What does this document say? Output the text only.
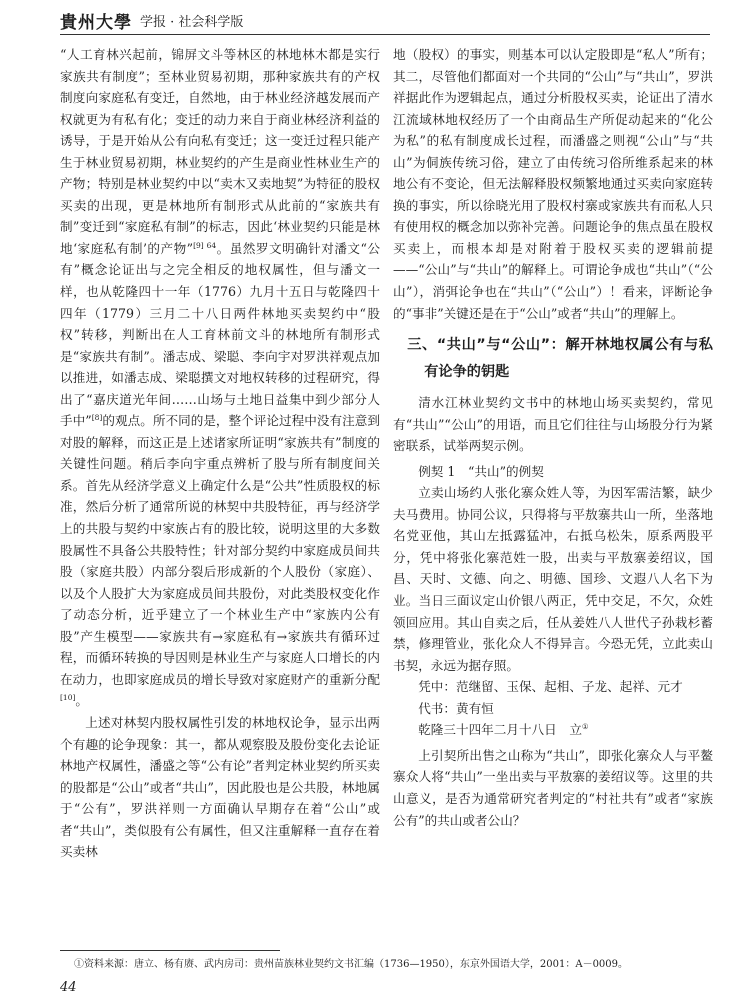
貴州大學 学报 · 社会科学版

“人工育林兴起前，锦屏文斗等林区的林地林木都是实行家族共有制度”；至林业贸易初期，那种家族共有的产权制度向家庭私有变迁，自然地，由于林业经济越发展而产权就更为有私有化；变迁的动力来自于商业林经济利益的诱导，于是开始从公有向私有变迁；这一变迁过程只能产生于林业贸易初期，林业契约的产生是商业性林业生产的产物；特别是林业契约中以“卖木又卖地契”为特征的股权买卖的出现，更是林地所有制形式从此前的“家族共有制”变迁到“家庭私有制”的标志，因此‘林业契约只能是林地‘家庭私有制’的产物”$^{[9] 64}$。虽然罗文明确针对潘文“公有”概念论证出与之完全相反的地权属性，但与潘文一样，也从乾隆四十一年（1776）九月十五日与乾隆四十四年（1779）三月二十八日两件林地买卖契约中“股权”转移，判断出在人工育林前文斗的林地所有制形式是“家族共有制”。潘志成、梁聪、李向宇对罗洪祥观点加以推进，如潘志成、梁聪撰文对地权转移的过程研究，得出了“嘉庆道光年间……山场与土地日益集中到少部分人手中”[8]的观点。所不同的是，整个评论过程中没有注意到对股的解释，而这正是上述诸家所证明“家族共有”制度的关键性问题。稍后李向宇重点辨析了股与所有制度间关系。首先从经济学意义上确定什么是“公共”性质股权的标准，然后分析了通常所说的林契中共股特征，再与经济学上的共股与契约中家族占有的股比较，说明这里的大多数股属性不具备公共股特性；针对部分契约中家庭成员间共股（家庭共股）内部分裂后形成新的个人股份（家庭）、以及个人股扩大为家庭成员间共股份，对此类股权变化作了动态分析，近乎建立了一个林业生产中“家族内公有股”产生模型——家族共有→家庭私有→家族共有循环过程，而循环转换的导因则是林业生产与家庭人口增长的内在动力，也即家庭成员的增长导致对家庭财产的重新分配[10]。

上述对林契内股权属性引发的林地权论争，显示出两个有趣的论争现象：其一，都从观察股及股份变化去论证林地产权属性，潘盛之等“公有论”者判定林业契约所买卖的股都是“公山”或者“共山”，因此股也是公共股，林地属于“公有”，罗洪祥则一方面确认早期存在着“公山”或者“共山”，类似股有公有属性，但又注重解释一直存在着买卖林

地（股权）的事实，则基本可以认定股即是“私人”所有；其二，尽管他们都面对一个共同的“公山”与“共山”，罗洪祥据此作为逻辑起点，通过分析股权买卖，论证出了清水江流域林地权经历了一个由商品生产所促动起来的“化公为私”的私有制度成长过程，而潘盛之则视“公山”与“共山”为侗族传统习俗，建立了由传统习俗所维系起来的林地公有不变论，但无法解释股权频繁地通过买卖向家庭转换的事实，所以徐晓光用了股权村寨或家族共有而私人只有使用权的概念加以弥补完善。问题论争的焦点虽在股权买卖上，而根本却是对附着于股权买卖的逻辑前提——“公山”与“共山”的解释上。可谓论争成也“共山”（“公山”），消弭论争也在“共山”（“公山”）！看来，评断论争的“事非”关键还是在于“公山”或者“共山”的理解上。

三、“共山”与“公山”：解开林地权属公有与私有论争的钥匙

清水江林业契约文书中的林地山场买卖契约，常见有“共山”“公山”的用语，而且它们往往与山场股分行为紧密联系，试举两契示例。

例契 1　“共山”的例契

立卖山场约人张化寨众姓人等，为因军需洁繁，缺少夫马费用。协同公议，只得将与平敖寨共山一所，坐落地名党亚他，其山左抵露猛冲，右抵乌松朱，原系两股平分，凭中将张化寨范姓一股，出卖与平敖寨姜绍议，国昌、天时、文德、向之、明德、国珍、文遐八人名下为业。当日三面议定山价银八两正，凭中交足，不欠，众姓领回应用。其山自卖之后，任从姜姓八人世代子孙栽杉蓄禁，修理管业，张化众人不得异言。今恐无凭，立此卖山书契，永远为据存照。

凭中：范继留、玉保、起相、子龙、起祥、元才

代书：黄有恒

乾隆三十四年二月十八日　立①

上引契所出售之山称为“共山”，即张化寨众人与平鳌寨众人将“共山”一坐出卖与平敖寨的姜绍议等。这里的共山意义，是否为通常研究者判定的“村社共有”或者“家族公有”的共山或者公山？

①资料来源：唐立、杨有赓、武内房司：贵州苗族林业契约文书汇编（1736—1950），东京外国语大学，2001：A－0009。
44
